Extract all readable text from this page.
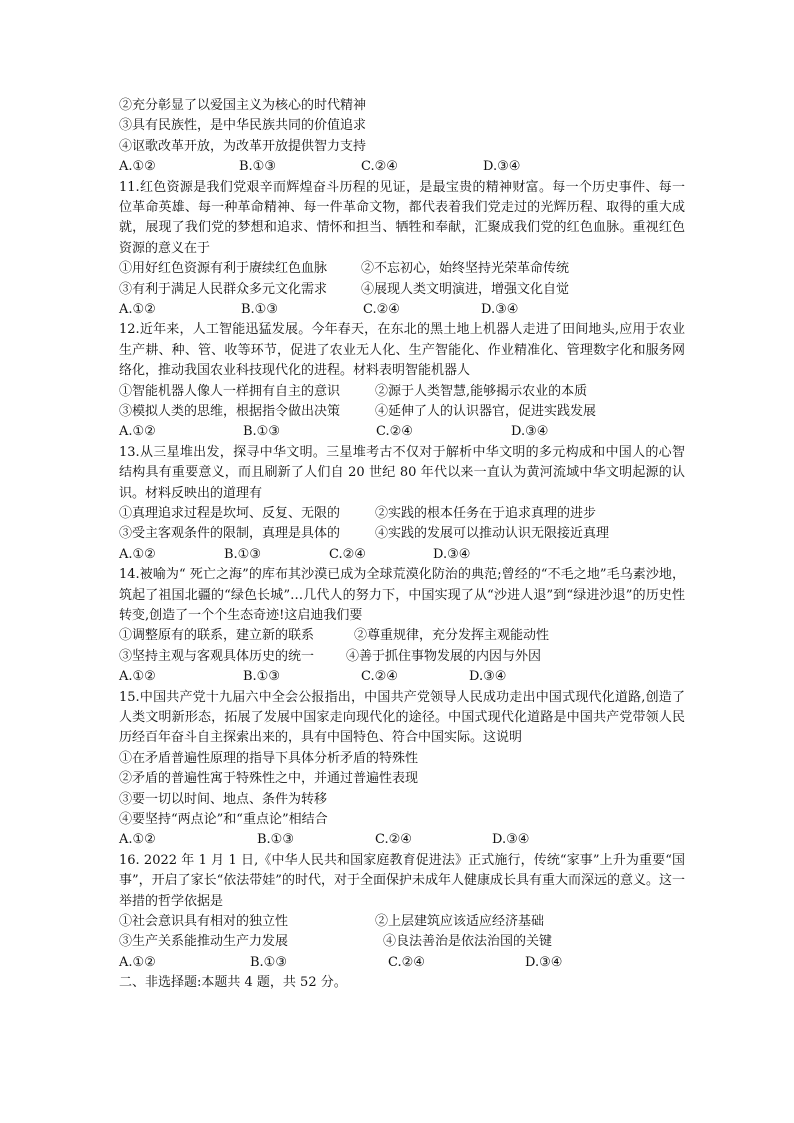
②充分彰显了以爱国主义为核心的时代精神
③具有民族性，是中华民族共同的价值追求
④讴歌改革开放，为改革开放提供智力支持
A.①②	B.①③	C.②④	D.③④
11.红色资源是我们党艰辛而辉煌奋斗历程的见证，是最宝贵的精神财富。每一个历史事件、每一位革命英雄、每一种革命精神、每一件革命文物，都代表着我们党走过的光辉历程、取得的重大成就，展现了我们党的梦想和追求、情怀和担当、牺牲和奉献，汇聚成我们党的红色血脉。重视红色资源的意义在于
①用好红色资源有利于赓续红色血脉	②不忘初心，始终坚持光荣革命传统
③有利于满足人民群众多元文化需求	④展现人类文明演进，增强文化自觉
A.①②	B.①③	C.②④	D.③④
12.近年来，人工智能迅猛发展。今年春天，在东北的黑土地上机器人走进了田间地头,应用于农业生产耕、种、管、收等环节，促进了农业无人化、生产智能化、作业精准化、管理数字化和服务网络化，推动我国农业科技现代化的进程。材料表明智能机器人
①智能机器人像人一样拥有自主的意识	②源于人类智慧,能够揭示农业的本质
③模拟人类的思维，根据指令做出决策	④延伸了人的认识器官，促进实践发展
A.①②	B.①③	C.②④	D.③④
13.从三星堆出发，探寻中华文明。三星堆考古不仅对于解析中华文明的多元构成和中国人的心智结构具有重要意义，而且刷新了人们自 20 世纪 80 年代以来一直认为黄河流域中华文明起源的认识。材料反映出的道理有
①真理追求过程是坎坷、反复、无限的	②实践的根本任务在于追求真理的进步
③受主客观条件的限制，真理是具体的	④实践的发展可以推动认识无限接近真理
A.①②	B.①③	C.②④	D.③④
14.被喻为“ 死亡之海”的库布其沙漠已成为全球荒漠化防治的典范;曾经的“不毛之地”毛乌素沙地，筑起了祖国北疆的“绿色长城”…几代人的努力下，中国实现了从“沙进人退”到“绿进沙退”的历史性转变,创造了一个个生态奇迹!这启迪我们要
①调整原有的联系，建立新的联系	②尊重规律，充分发挥主观能动性
③坚持主观与客观具体历史的统一	④善于抓住事物发展的内因与外因
A.①②	B.①③	C.②④	D.③④
15.中国共产党十九届六中全会公报指出，中国共产党领导人民成功走出中国式现代化道路,创造了人类文明新形态，拓展了发展中国家走向现代化的途径。中国式现代化道路是中国共产党带领人民历经百年奋斗自主探索出来的，具有中国特色、符合中国实际。这说明
①在矛盾普遍性原理的指导下具体分析矛盾的特殊性
②矛盾的普遍性寓于特殊性之中，并通过普遍性表现
③要一切以时间、地点、条件为转移
④要坚持“两点论”和“重点论”相结合
A.①②	B.①③	C.②④	D.③④
16. 2022 年 1 月 1 日,《中华人民共和国家庭教育促进法》正式施行，传统“家事”上升为重要“国事”，开启了家长“依法带娃”的时代，对于全面保护未成年人健康成长具有重大而深远的意义。这一举措的哲学依据是
①社会意识具有相对的独立性	②上层建筑应该适应经济基础
③生产关系能推动生产力发展	④良法善治是依法治国的关键
A.①②	B.①③	C.②④	D.③④
二、非选择题:本题共 4 题，共 52 分。
